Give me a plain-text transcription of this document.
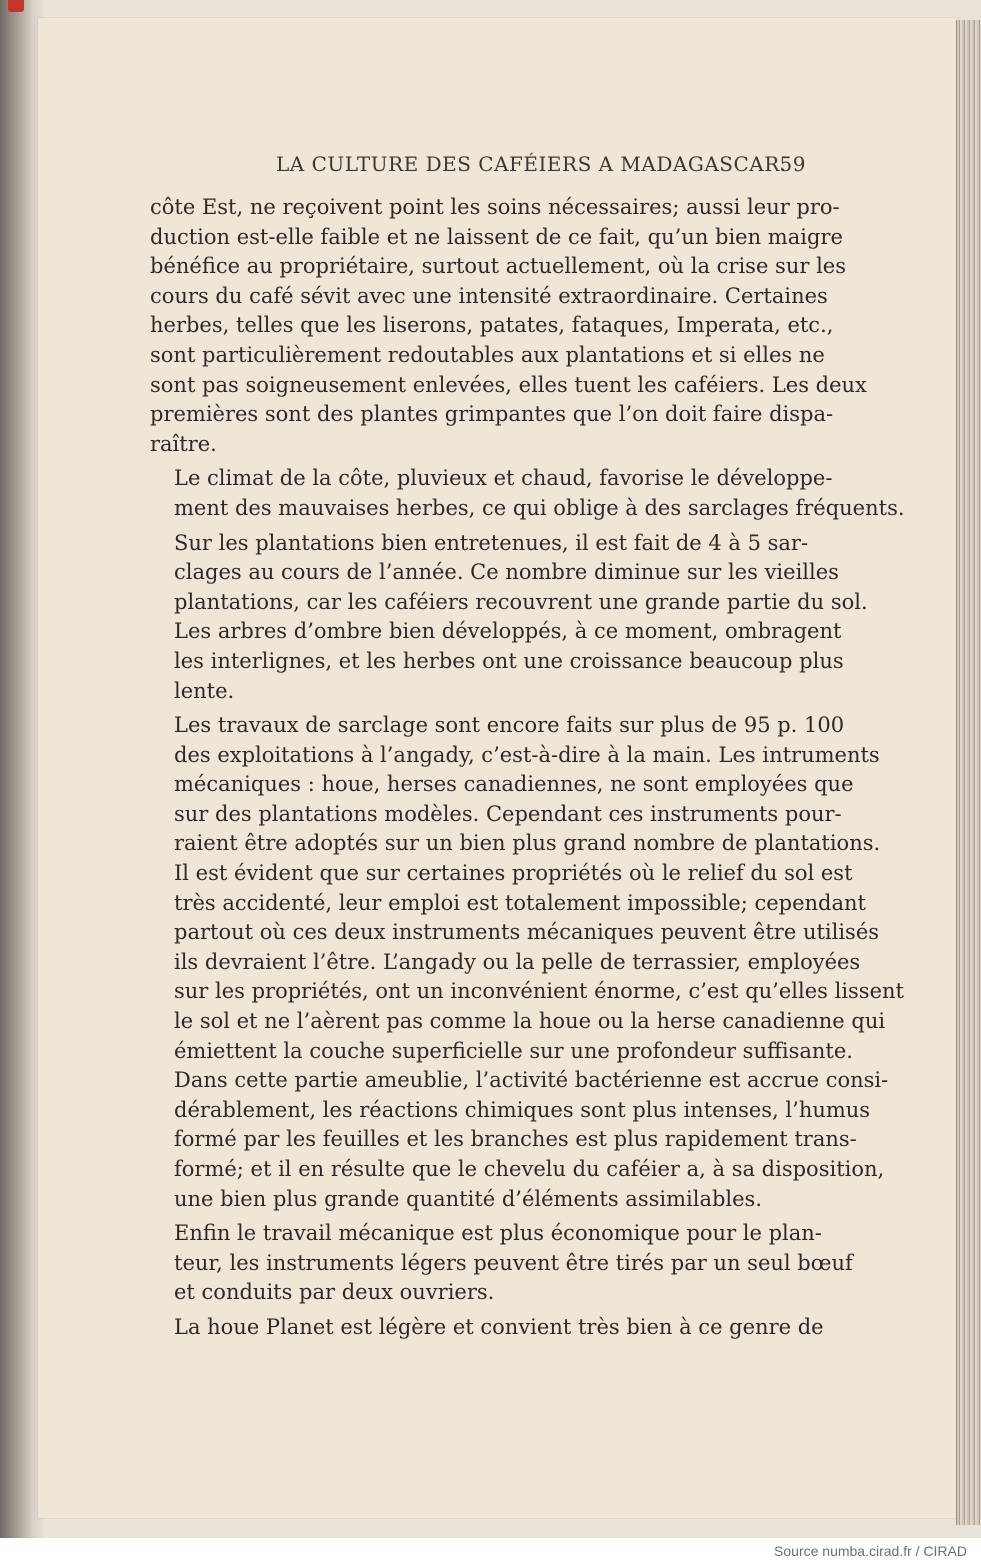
LA CULTURE DES CAFÉIERS A MADAGASCAR.
59

côte Est, ne reçoivent point les soins nécessaires; aussi leur pro-
duction est-elle faible et ne laissent de ce fait, qu’un bien maigre
bénéfice au propriétaire, surtout actuellement, où la crise sur les
cours du café sévit avec une intensité extraordinaire. Certaines
herbes, telles que les liserons, patates, fataques, Imperata, etc.,
sont particulièrement redoutables aux plantations et si elles ne
sont pas soigneusement enlevées, elles tuent les caféiers. Les deux
premières sont des plantes grimpantes que l’on doit faire dispa-
raître.

Le climat de la côte, pluvieux et chaud, favorise le développe-
ment des mauvaises herbes, ce qui oblige à des sarclages fréquents.

Sur les plantations bien entretenues, il est fait de 4 à 5 sar-
clages au cours de l’année. Ce nombre diminue sur les vieilles
plantations, car les caféiers recouvrent une grande partie du sol.
Les arbres d’ombre bien développés, à ce moment, ombragent
les interlignes, et les herbes ont une croissance beaucoup plus
lente.

Les travaux de sarclage sont encore faits sur plus de 95 p. 100
des exploitations à l’angady, c’est-à-dire à la main. Les intruments
mécaniques : houe, herses canadiennes, ne sont employées que
sur des plantations modèles. Cependant ces instruments pour-
raient être adoptés sur un bien plus grand nombre de plantations.
Il est évident que sur certaines propriétés où le relief du sol est
très accidenté, leur emploi est totalement impossible; cependant
partout où ces deux instruments mécaniques peuvent être utilisés
ils devraient l’être. L’angady ou la pelle de terrassier, employées
sur les propriétés, ont un inconvénient énorme, c’est qu’elles lissent
le sol et ne l’aèrent pas comme la houe ou la herse canadienne qui
émiettent la couche superficielle sur une profondeur suffisante.
Dans cette partie ameublie, l’activité bactérienne est accrue consi-
dérablement, les réactions chimiques sont plus intenses, l’humus
formé par les feuilles et les branches est plus rapidement trans-
formé; et il en résulte que le chevelu du caféier a, à sa disposition,
une bien plus grande quantité d’éléments assimilables.

Enfin le travail mécanique est plus économique pour le plan-
teur, les instruments légers peuvent être tirés par un seul bœuf
et conduits par deux ouvriers.

La houe Planet est légère et convient très bien à ce genre de

Source numba.cirad.fr / CIRAD
